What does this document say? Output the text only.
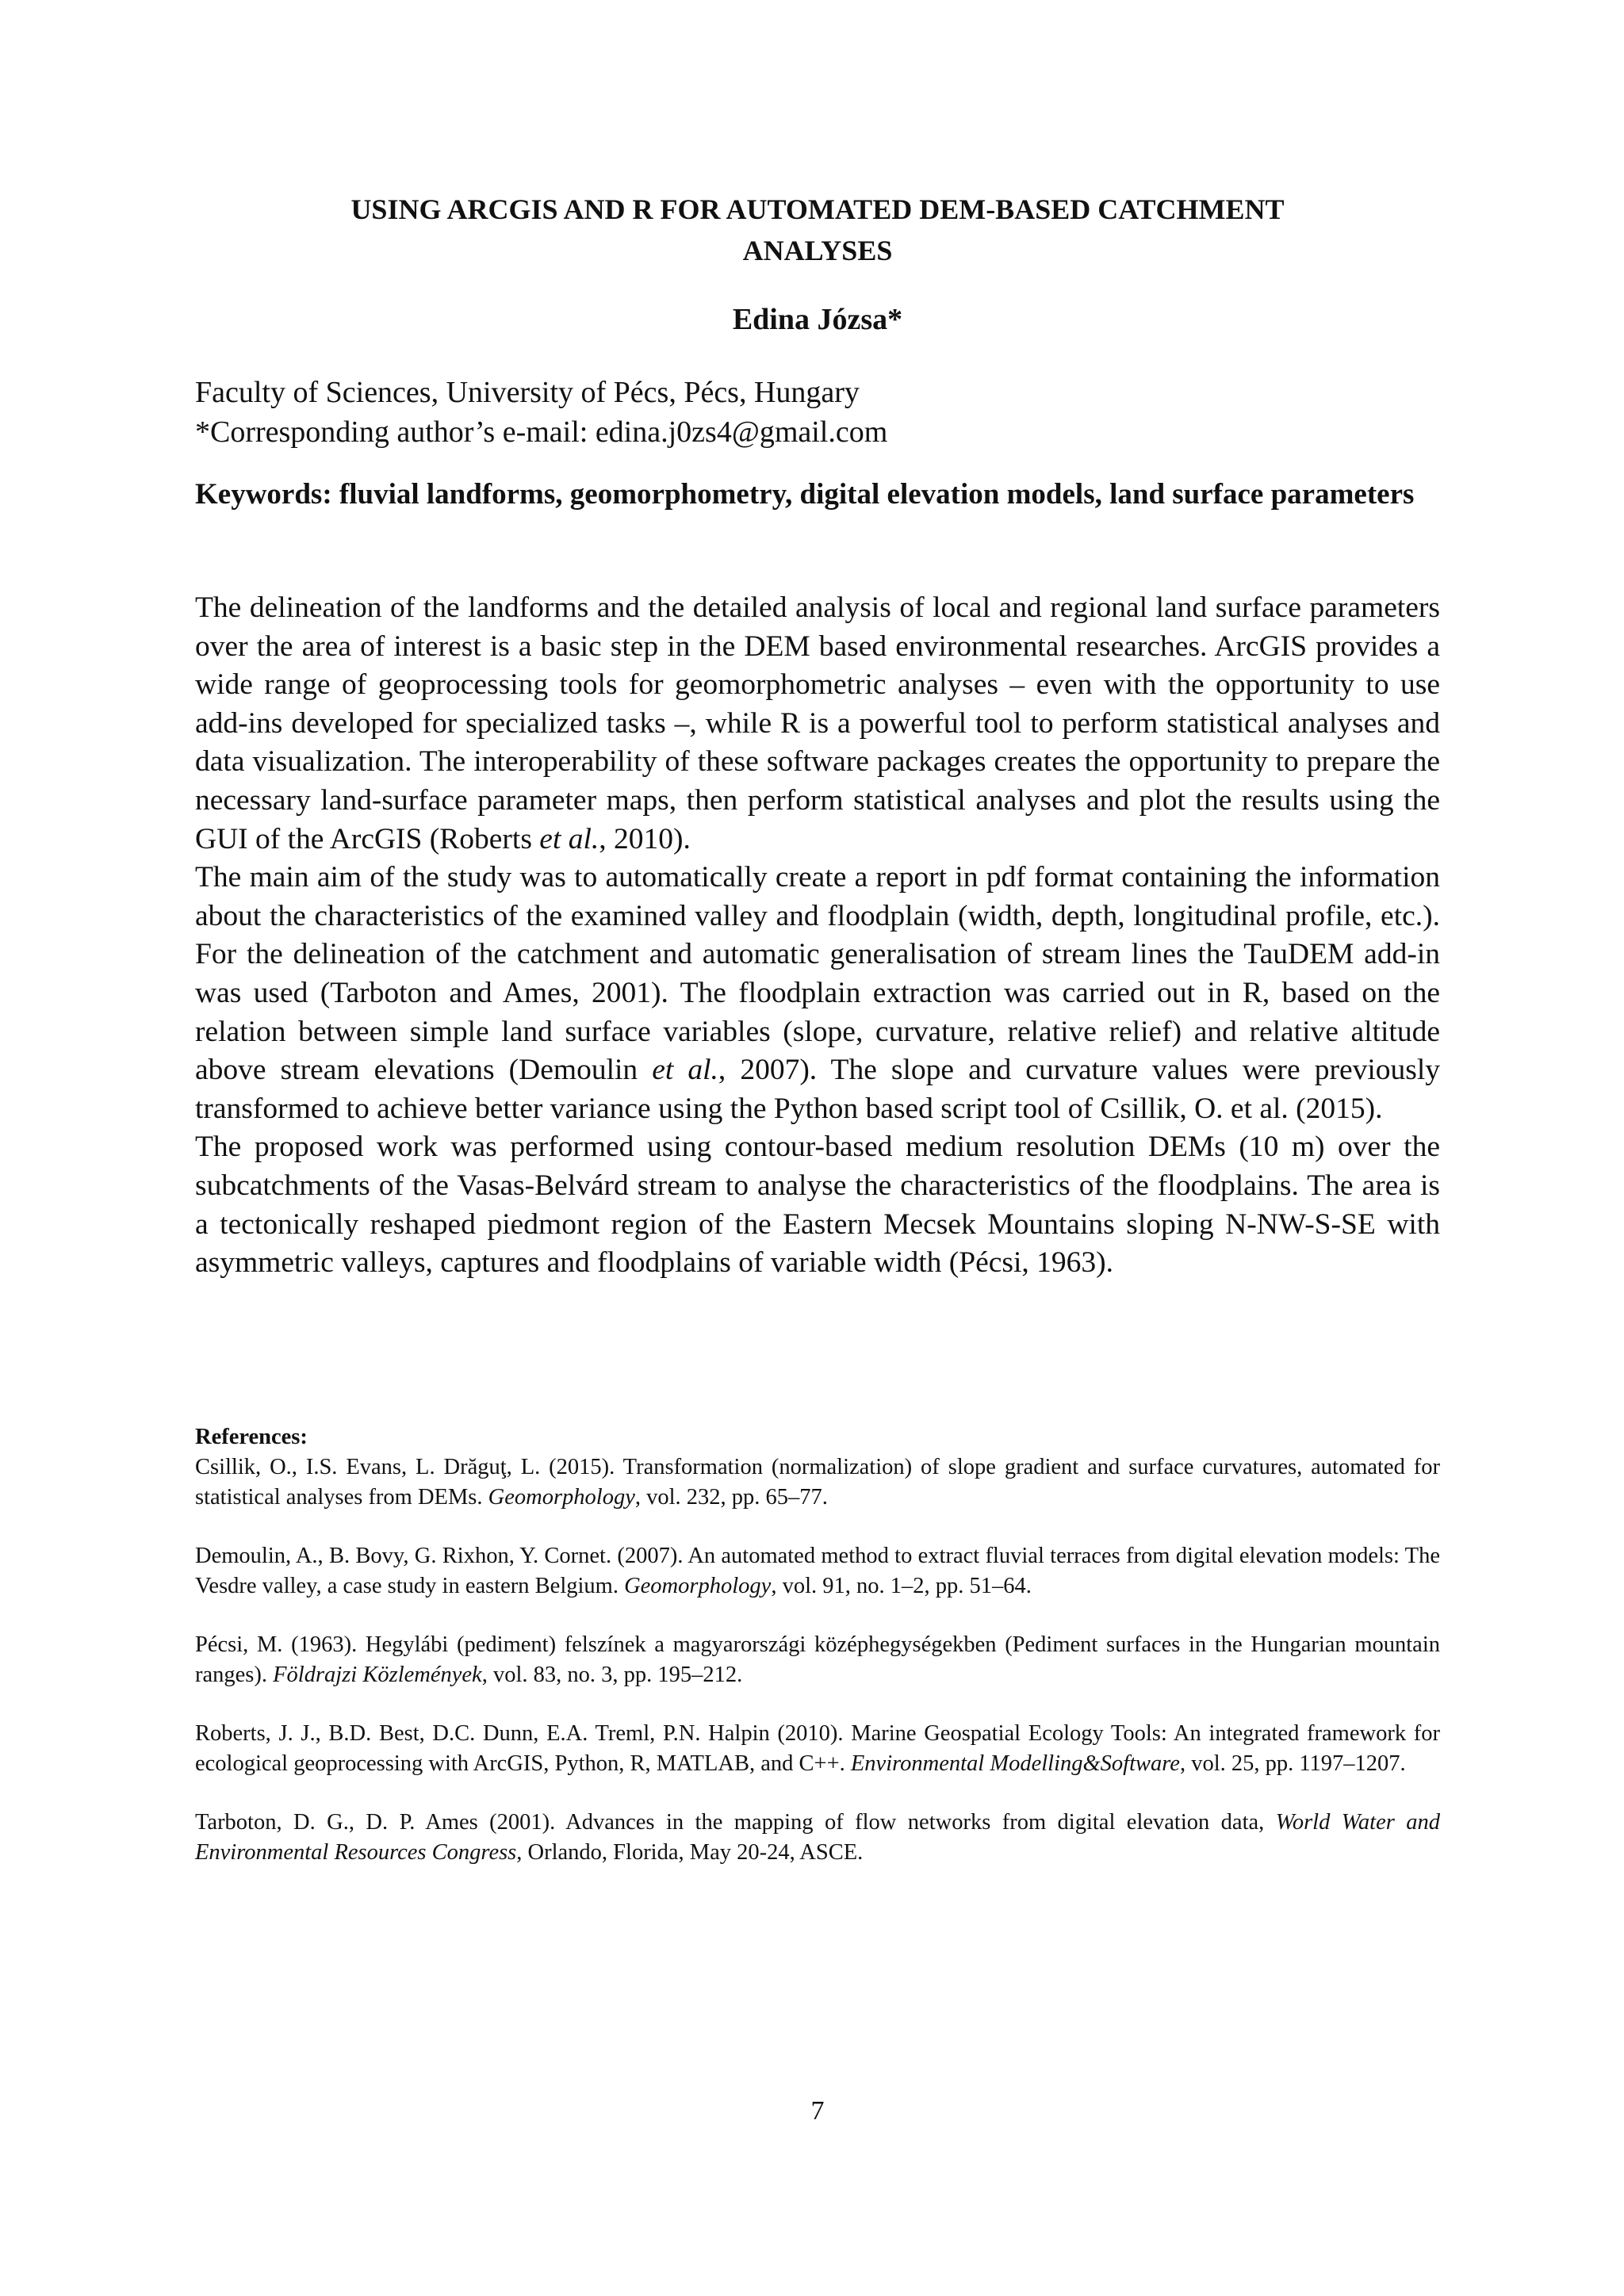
USING ARCGIS AND R FOR AUTOMATED DEM-BASED CATCHMENT
ANALYSES
Edina Józsa*
Faculty of Sciences, University of Pécs, Pécs, Hungary
*Corresponding author’s e-mail: edina.j0zs4@gmail.com
Keywords: fluvial landforms, geomorphometry, digital elevation models, land surface parameters

The delineation of the landforms and the detailed analysis of local and regional land surface parameters over the area of interest is a basic step in the DEM based environmental researches. ArcGIS provides a wide range of geoprocessing tools for geomorphometric analyses – even with the opportunity to use add-ins developed for specialized tasks –, while R is a powerful tool to perform statistical analyses and data visualization. The interoperability of these software packages creates the opportunity to prepare the necessary land-surface parameter maps, then perform statistical analyses and plot the results using the GUI of the ArcGIS (Roberts et al., 2010).

The main aim of the study was to automatically create a report in pdf format containing the information about the characteristics of the examined valley and floodplain (width, depth, longitudinal profile, etc.). For the delineation of the catchment and automatic generalisation of stream lines the TauDEM add-in was used (Tarboton and Ames, 2001). The floodplain extraction was carried out in R, based on the relation between simple land surface variables (slope, curvature, relative relief) and relative altitude above stream elevations (Demoulin et al., 2007). The slope and curvature values were previously transformed to achieve better variance using the Python based script tool of Csillik, O. et al. (2015).

The proposed work was performed using contour-based medium resolution DEMs (10 m) over the subcatchments of the Vasas-Belvárd stream to analyse the characteristics of the floodplains. The area is a tectonically reshaped piedmont region of the Eastern Mecsek Mountains sloping N-NW-S-SE with asymmetric valleys, captures and floodplains of variable width (Pécsi, 1963).

References:

Csillik, O., I.S. Evans, L. Drăguţ, L. (2015). Transformation (normalization) of slope gradient and surface curvatures, automated for statistical analyses from DEMs. Geomorphology, vol. 232, pp. 65–77.

Demoulin, A., B. Bovy, G. Rixhon, Y. Cornet. (2007). An automated method to extract fluvial terraces from digital elevation models: The Vesdre valley, a case study in eastern Belgium. Geomorphology, vol. 91, no. 1–2, pp. 51–64.

Pécsi, M. (1963). Hegylábi (pediment) felszínek a magyarországi középhegységekben (Pediment surfaces in the Hungarian mountain ranges). Földrajzi Közlemények, vol. 83, no. 3, pp. 195–212.

Roberts, J. J., B.D. Best, D.C. Dunn, E.A. Treml, P.N. Halpin (2010). Marine Geospatial Ecology Tools: An integrated framework for ecological geoprocessing with ArcGIS, Python, R, MATLAB, and C++. Environmental Modelling&Software, vol. 25, pp. 1197–1207.

Tarboton, D. G., D. P. Ames (2001). Advances in the mapping of flow networks from digital elevation data, World Water and Environmental Resources Congress, Orlando, Florida, May 20-24, ASCE.

7
